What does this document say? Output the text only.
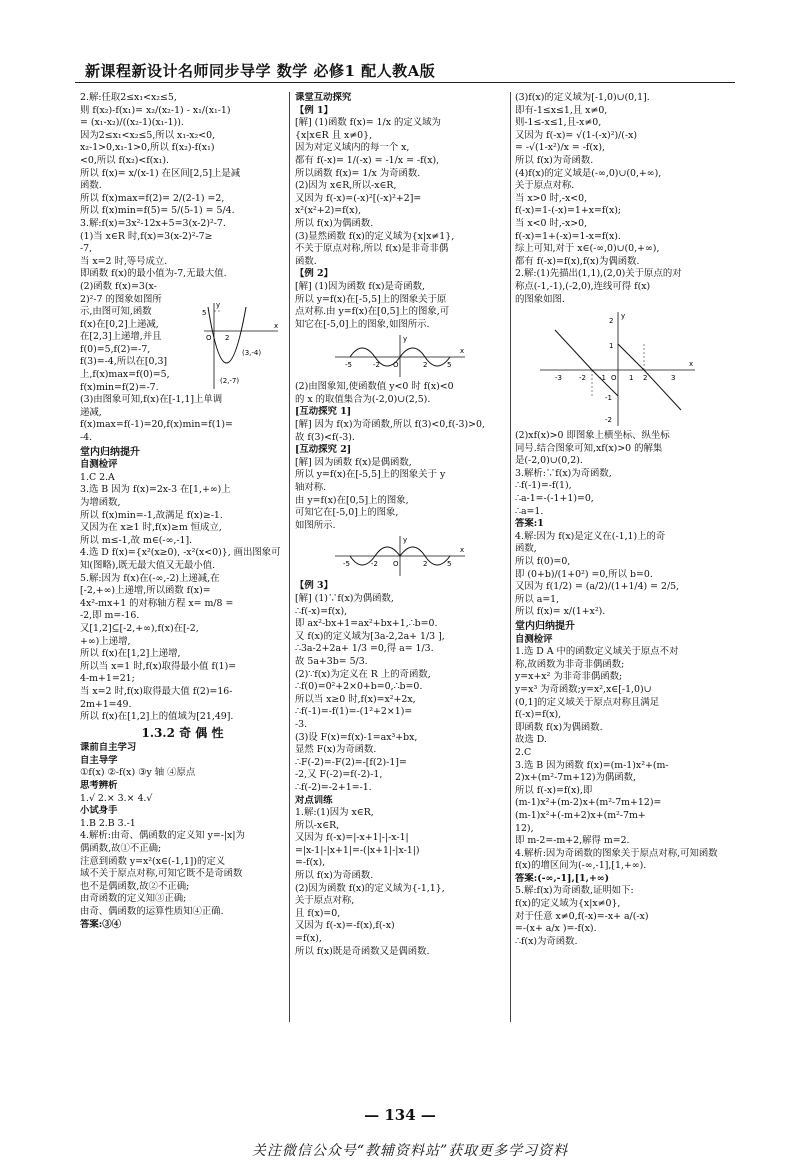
新课程新设计名师同步导学 数学 必修1 配人教A版
2.解:任取2≤x₁<x₂≤5,
则 f(x₂)-f(x₁)= x₂/(x₂-1) - x₁/(x₁-1)
= (x₁-x₂)/((x₂-1)(x₁-1)).
因为2≤x₁<x₂≤5,所以 x₁-x₂<0,
x₂-1>0,x₁-1>0,所以 f(x₂)-f(x₁)
<0,所以 f(x₂)<f(x₁).
所以 f(x)= x/(x-1) 在区间[2,5]上是减
函数.
所以 f(x)max=f(2)= 2/(2-1) =2,
所以 f(x)min=f(5)= 5/(5-1) = 5/4.
3.解:f(x)=3x²-12x+5=3(x-2)²-7.
(1)当 x∈R 时,f(x)=3(x-2)²-7≥
-7,
当 x=2 时,等号成立.
即函数 f(x)的最小值为-7,无最大值.
(2)函数 f(x)=3(x-
2)²-7 的图象如图所
示,由图可知,函数
f(x)在[0,2]上递减,
在[2,3]上递增,并且
f(0)=5,f(2)=-7,
f(3)=-4,所以在[0,3]
上,f(x)max=f(0)=5,
f(x)min=f(2)=-7.
(3)由图象可知,f(x)在[-1,1]上单调
递减,
f(x)max=f(-1)=20,f(x)min=f(1)=
-4.
5
O 2
x
y
(3,-4)
(2,-7)
堂内归纳提升
自测检评
1.C 2.A
3.选 B 因为 f(x)=2x-3 在[1,+∞)上
为增函数,
所以 f(x)min=-1,故满足 f(x)≥-1.
又因为在 x≥1 时,f(x)≥m 恒成立,
所以 m≤-1,故 m∈(-∞,-1].
4.选 D f(x)={x²(x≥0), -x²(x<0)}, 画出图象可
知(图略),既无最大值又无最小值.
5.解:因为 f(x)在(-∞,-2)上递减,在
[-2,+∞)上递增,所以函数 f(x)=
4x²-mx+1 的对称轴方程 x= m/8 =
-2,即 m=-16.
又[1,2]⊆[-2,+∞),f(x)在[-2,
+∞)上递增,
所以 f(x)在[1,2]上递增,
所以当 x=1 时,f(x)取得最小值 f(1)=
4-m+1=21;
当 x=2 时,f(x)取得最大值 f(2)=16-
2m+1=49.
所以 f(x)在[1,2]上的值域为[21,49].
1.3.2 奇 偶 性
课前自主学习
自主导学
①f(x) ②-f(x) ③y 轴 ④原点
思考辨析
1.√ 2.× 3.× 4.√
小试身手
1.B 2.B 3.-1
4.解析:由奇、偶函数的定义知 y=-|x|为
偶函数,故①不正确;
注意到函数 y=x²(x∈(-1,1])的定义
域不关于原点对称,可知它既不是奇函数
也不是偶函数,故②不正确;
由奇函数的定义知③正确;
由奇、偶函数的运算性质知④正确.
答案:③④
课堂互动探究
【例 1】
[解] (1)函数 f(x)= 1/x 的定义域为
{x|x∈R 且 x≠0},
因为对定义域内的每一个 x,
都有 f(-x)= 1/(-x) = -1/x = -f(x),
所以函数 f(x)= 1/x 为奇函数.
(2)因为 x∈R,所以-x∈R,
又因为 f(-x)=(-x)²[(-x)²+2]=
x²(x²+2)=f(x),
所以 f(x)为偶函数.
(3)显然函数 f(x)的定义域为{x|x≠1},
不关于原点对称,所以 f(x)是非奇非偶
函数.
【例 2】
[解] (1)因为函数 f(x)是奇函数,
所以 y=f(x)在[-5,5]上的图象关于原
点对称.由 y=f(x)在[0,5]上的图象,可
知它在[-5,0]上的图象,如图所示.
y
-5	-2 O	2	5
x
(2)由图象知,使函数值 y<0 时 f(x)<0
的 x 的取值集合为(-2,0)∪(2,5).
[互动探究 1]
[解] 因为 f(x)为奇函数,所以 f(3)<0,f(-3)>0,
故 f(3)<f(-3).
[互动探究 2]
[解] 因为函数 f(x)是偶函数,
所以 y=f(x)在[-5,5]上的图象关于 y
轴对称.
由 y=f(x)在[0,5]上的图象,
可知它在[-5,0]上的图象,
如图所示.
y
-5	-2 O	2	5
x
【例 3】
[解] (1)∵f(x)为偶函数,
∴f(-x)=f(x),
即 ax²-bx+1=ax²+bx+1,∴b=0.
又 f(x)的定义域为[3a-2,2a+ 1/3 ],
∴3a-2+2a+ 1/3 =0,得 a= 1/3.
故 5a+3b= 5/3.
(2)∵f(x)为定义在 R 上的奇函数,
∴f(0)=0²+2×0+b=0,∴b=0.
所以当 x≥0 时,f(x)=x²+2x,
∴f(-1)=-f(1)=-(1²+2×1)=
-3.
(3)设 F(x)=f(x)-1=ax³+bx,
显然 F(x)为奇函数.
∴F(-2)=-F(2)=-[f(2)-1]=
-2,又 F(-2)=f(-2)-1,
∴f(-2)=-2+1=-1.
对点训练
1.解:(1)因为 x∈R,
所以-x∈R,
又因为 f(-x)=|-x+1|-|-x-1|
=|x-1|-|x+1|=-(|x+1|-|x-1|)
=-f(x),
所以 f(x)为奇函数.
(2)因为函数 f(x)的定义域为{-1,1},
关于原点对称,
且 f(x)=0,
又因为 f(-x)=-f(x),f(-x)
=f(x),
所以 f(x)既是奇函数又是偶函数.
(3)f(x)的定义域为[-1,0)∪(0,1].
即有-1≤x≤1,且 x≠0,
则-1≤-x≤1,且-x≠0,
又因为 f(-x)= √(1-(-x)²)/(-x)
= -√(1-x²)/x = -f(x),
所以 f(x)为奇函数.
(4)f(x)的定义域是(-∞,0)∪(0,+∞),
关于原点对称.
当 x>0 时,-x<0,
f(-x)=1-(-x)=1+x=f(x);
当 x<0 时,-x>0,
f(-x)=1+(-x)=1-x=f(x).
综上可知,对于 x∈(-∞,0)∪(0,+∞),
都有 f(-x)=f(x),f(x)为偶函数.
2.解:(1)先描出(1,1),(2,0)关于原点的对
称点(-1,-1),(-2,0),连线可得 f(x)
的图象如图.
y
2
1
-3 -2 -1 O 1 2	3
x
-1
-2
(2)xf(x)>0 即图象上横坐标、纵坐标
同号.结合图象可知,xf(x)>0 的解集
是(-2,0)∪(0,2).
3.解析:∵f(x)为奇函数,
∴f(-1)=-f(1),
∴a-1=-(-1+1)=0,
∴a=1.
答案:1
4.解:因为 f(x)是定义在(-1,1)上的奇
函数,
所以 f(0)=0,
即 (0+b)/(1+0²) =0,所以 b=0.
又因为 f(1/2) = (a/2)/(1+1/4) = 2/5,
所以 a=1,
所以 f(x)= x/(1+x²).
堂内归纳提升
自测检评
1.选 D A 中的函数定义域关于原点不对
称,故函数为非奇非偶函数;
y=x+x² 为非奇非偶函数;
y=x³ 为奇函数;y=x²,x∈[-1,0)∪
(0,1]的定义域关于原点对称且满足
f(-x)=f(x),
即函数 f(x)为偶函数.
故选 D.
2.C
3.选 B 因为函数 f(x)=(m-1)x²+(m-
2)x+(m²-7m+12)为偶函数,
所以 f(-x)=f(x),即
(m-1)x²+(m-2)x+(m²-7m+12)=
(m-1)x²+(-m+2)x+(m²-7m+
12),
即 m-2=-m+2,解得 m=2.
4.解析:因为奇函数的图象关于原点对称,可知函数
f(x)的增区间为(-∞,-1],[1,+∞).
答案:(-∞,-1],[1,+∞)
5.解:f(x)为奇函数,证明如下:
f(x)的定义域为{x|x≠0},
对于任意 x≠0,f(-x)=-x+ a/(-x)
=-(x+ a/x )=-f(x).
∴f(x)为奇函数.
— 134 —
关注微信公众号“教辅资料站”获取更多学习资料
